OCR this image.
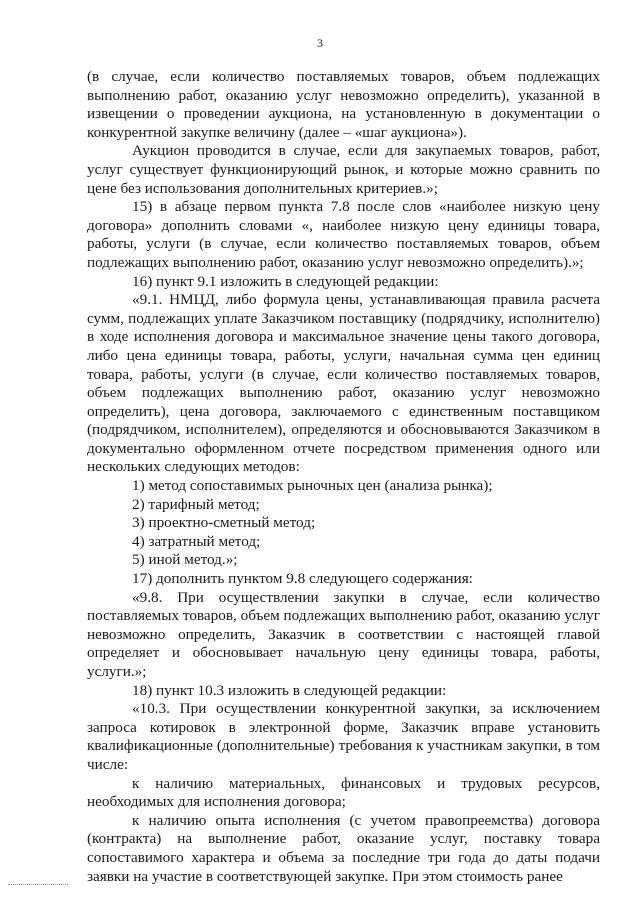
3

(в случае, если количество поставляемых товаров, объем подлежащих выполнению работ, оказанию услуг невозможно определить), указанной в извещении о проведении аукциона, на установленную в документации о конкурентной закупке величину (далее – «шаг аукциона»).

Аукцион проводится в случае, если для закупаемых товаров, работ, услуг существует функционирующий рынок, и которые можно сравнить по цене без использования дополнительных критериев.»;

15) в абзаце первом пункта 7.8 после слов «наиболее низкую цену договора» дополнить словами «, наиболее низкую цену единицы товара, работы, услуги (в случае, если количество поставляемых товаров, объем подлежащих выполнению работ, оказанию услуг невозможно определить).»;

16) пункт 9.1 изложить в следующей редакции:

«9.1. НМЦД, либо формула цены, устанавливающая правила расчета сумм, подлежащих уплате Заказчиком поставщику (подрядчику, исполнителю) в ходе исполнения договора и максимальное значение цены такого договора, либо цена единицы товара, работы, услуги, начальная сумма цен единиц товара, работы, услуги (в случае, если количество поставляемых товаров, объем подлежащих выполнению работ, оказанию услуг невозможно определить), цена договора, заключаемого с единственным поставщиком (подрядчиком, исполнителем), определяются и обосновываются Заказчиком в документально оформленном отчете посредством применения одного или нескольких следующих методов:

1) метод сопоставимых рыночных цен (анализа рынка);

2) тарифный метод;

3) проектно-сметный метод;

4) затратный метод;

5) иной метод.»;

17) дополнить пунктом 9.8 следующего содержания:

«9.8. При осуществлении закупки в случае, если количество поставляемых товаров, объем подлежащих выполнению работ, оказанию услуг невозможно определить, Заказчик в соответствии с настоящей главой определяет и обосновывает начальную цену единицы товара, работы, услуги.»;

18) пункт 10.3 изложить в следующей редакции:

«10.3. При осуществлении конкурентной закупки, за исключением запроса котировок в электронной форме, Заказчик вправе установить квалификационные (дополнительные) требования к участникам закупки, в том числе:

к наличию материальных, финансовых и трудовых ресурсов, необходимых для исполнения договора;

к наличию опыта исполнения (с учетом правопреемства) договора (контракта) на выполнение работ, оказание услуг, поставку товара сопоставимого характера и объема за последние три года до даты подачи заявки на участие в соответствующей закупке. При этом стоимость ранее
